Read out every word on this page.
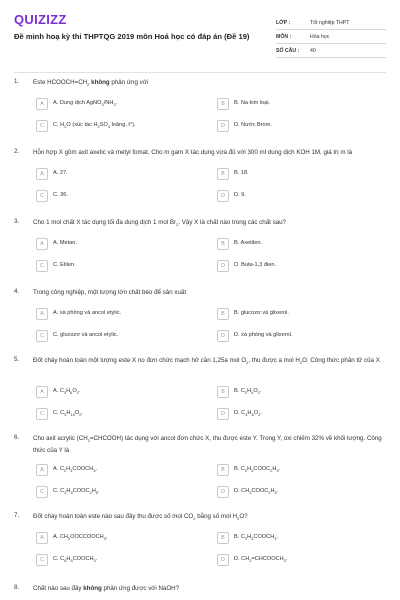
QUIZIZZ
Đề minh hoạ kỳ thi THPTQG 2019 môn Hoá học có đáp án (Đề 19)
LỚP :	Tốt nghiệp THPT
MÔN :	Hóa học
SỐ CÂU :	40
1. Este $HCOOCH=CH_2$ không phản ứng với
A	A. Dung dịch $AgNO_3/NH_3$.	B	B. Na kim loại.
C	C. $H_2O$ (xúc tác $H_2SO_4$ loãng, t°).	D	D. Nước Brom.
2. Hỗn hợp X gồm axit axetic và metyl fomat. Cho m gam X tác dụng vừa đủ với 300 ml dung dịch KOH 1M, giá trị m là
A	A. 27.	B	B. 18.
C	C. 36.	D	D. 9.
3. Cho 1 mol chất X tác dụng tối đa dung dịch 1 mol $Br_2$. Vậy X là chất nào trong các chất sau?
A	A. Metan.	B	B. Axetilen.
C	C. Etilen.	D	D. Buta-1,3 đien.
4. Trong công nghiệp, một lượng lớn chất béo để sản xuất
A	A. xà phòng và ancol etylic.	B	B. glucozơ và glixerol.
C	C. glucozơ và ancol etylic.	D	D. xà phòng và glixerol.
5. Đốt cháy hoàn toàn một lượng este X no đơn chức mạch hở cần 1,25a mol $O_2$, thu được a mol $H_2O$. Công thức phân tử của X
A	A. $C_3H_6O_2$.	B	B. $C_2H_4O_2$.
C	C. $C_5H_{10}O_2$.	D	D. $C_4H_8O_2$.
6. Cho axit acrylic $(CH_2=CHCOOH)$ tác dụng với ancol đơn chức X, thu được este Y. Trong Y, oxi chiếm 32% về khối lượng. Công thức của Y là
A	A. $C_2H_3COOCH_3$.	B	B. $C_2H_3COOC_2H_5$.
C	C. $C_2H_5COOC_2H_5$.	D	D. $CH_3COOC_2H_5$.
7. Đốt cháy hoàn toàn este nào sau đây thu được số mol $CO_2$ bằng số mol $H_2O$?
A	A. $CH_3OOCCOOCH_3$.	B	B. $C_2H_3COOCH_3$.
C	C. $C_6H_5COOCH_3$.	D	D. $CH_2=CHCOOCH_3$.
8. Chất nào sau đây không phản ứng được với NaOH?
